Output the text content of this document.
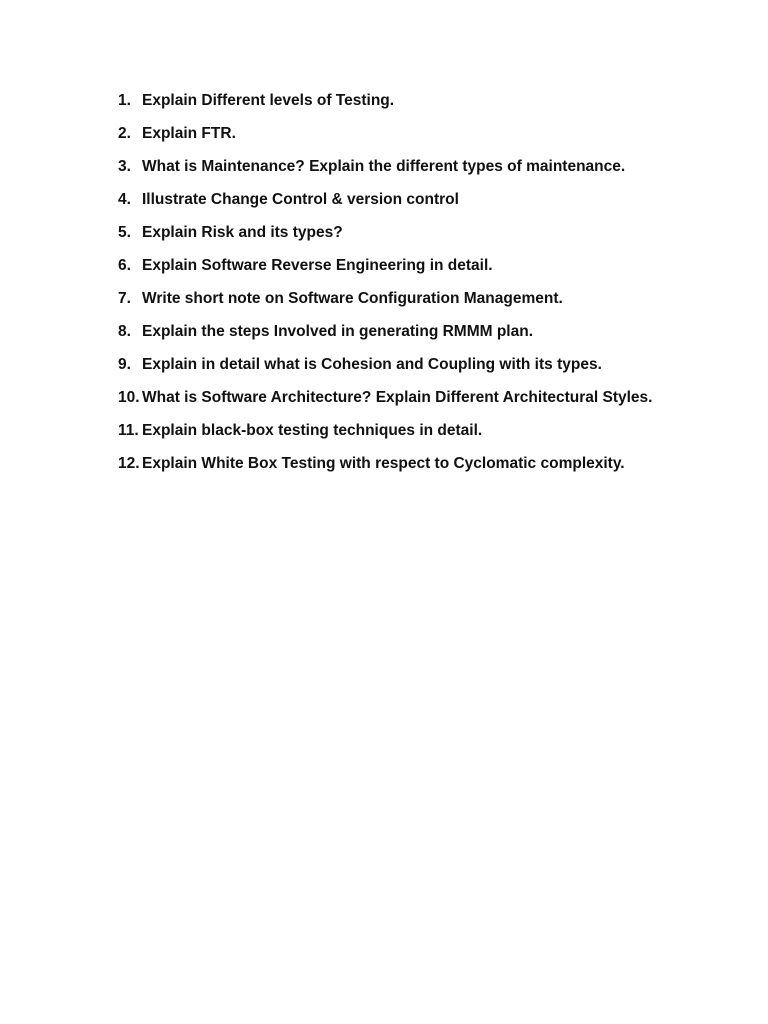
1. Explain Different levels of Testing.
2. Explain FTR.
3. What is Maintenance? Explain the different types of maintenance.
4. Illustrate Change Control & version control
5. Explain Risk and its types?
6. Explain Software Reverse Engineering in detail.
7. Write short note on Software Configuration Management.
8. Explain the steps Involved in generating RMMM plan.
9. Explain in detail what is Cohesion and Coupling with its types.
10. What is Software Architecture? Explain Different Architectural Styles.
11. Explain black-box testing techniques in detail.
12. Explain White Box Testing with respect to Cyclomatic complexity.
